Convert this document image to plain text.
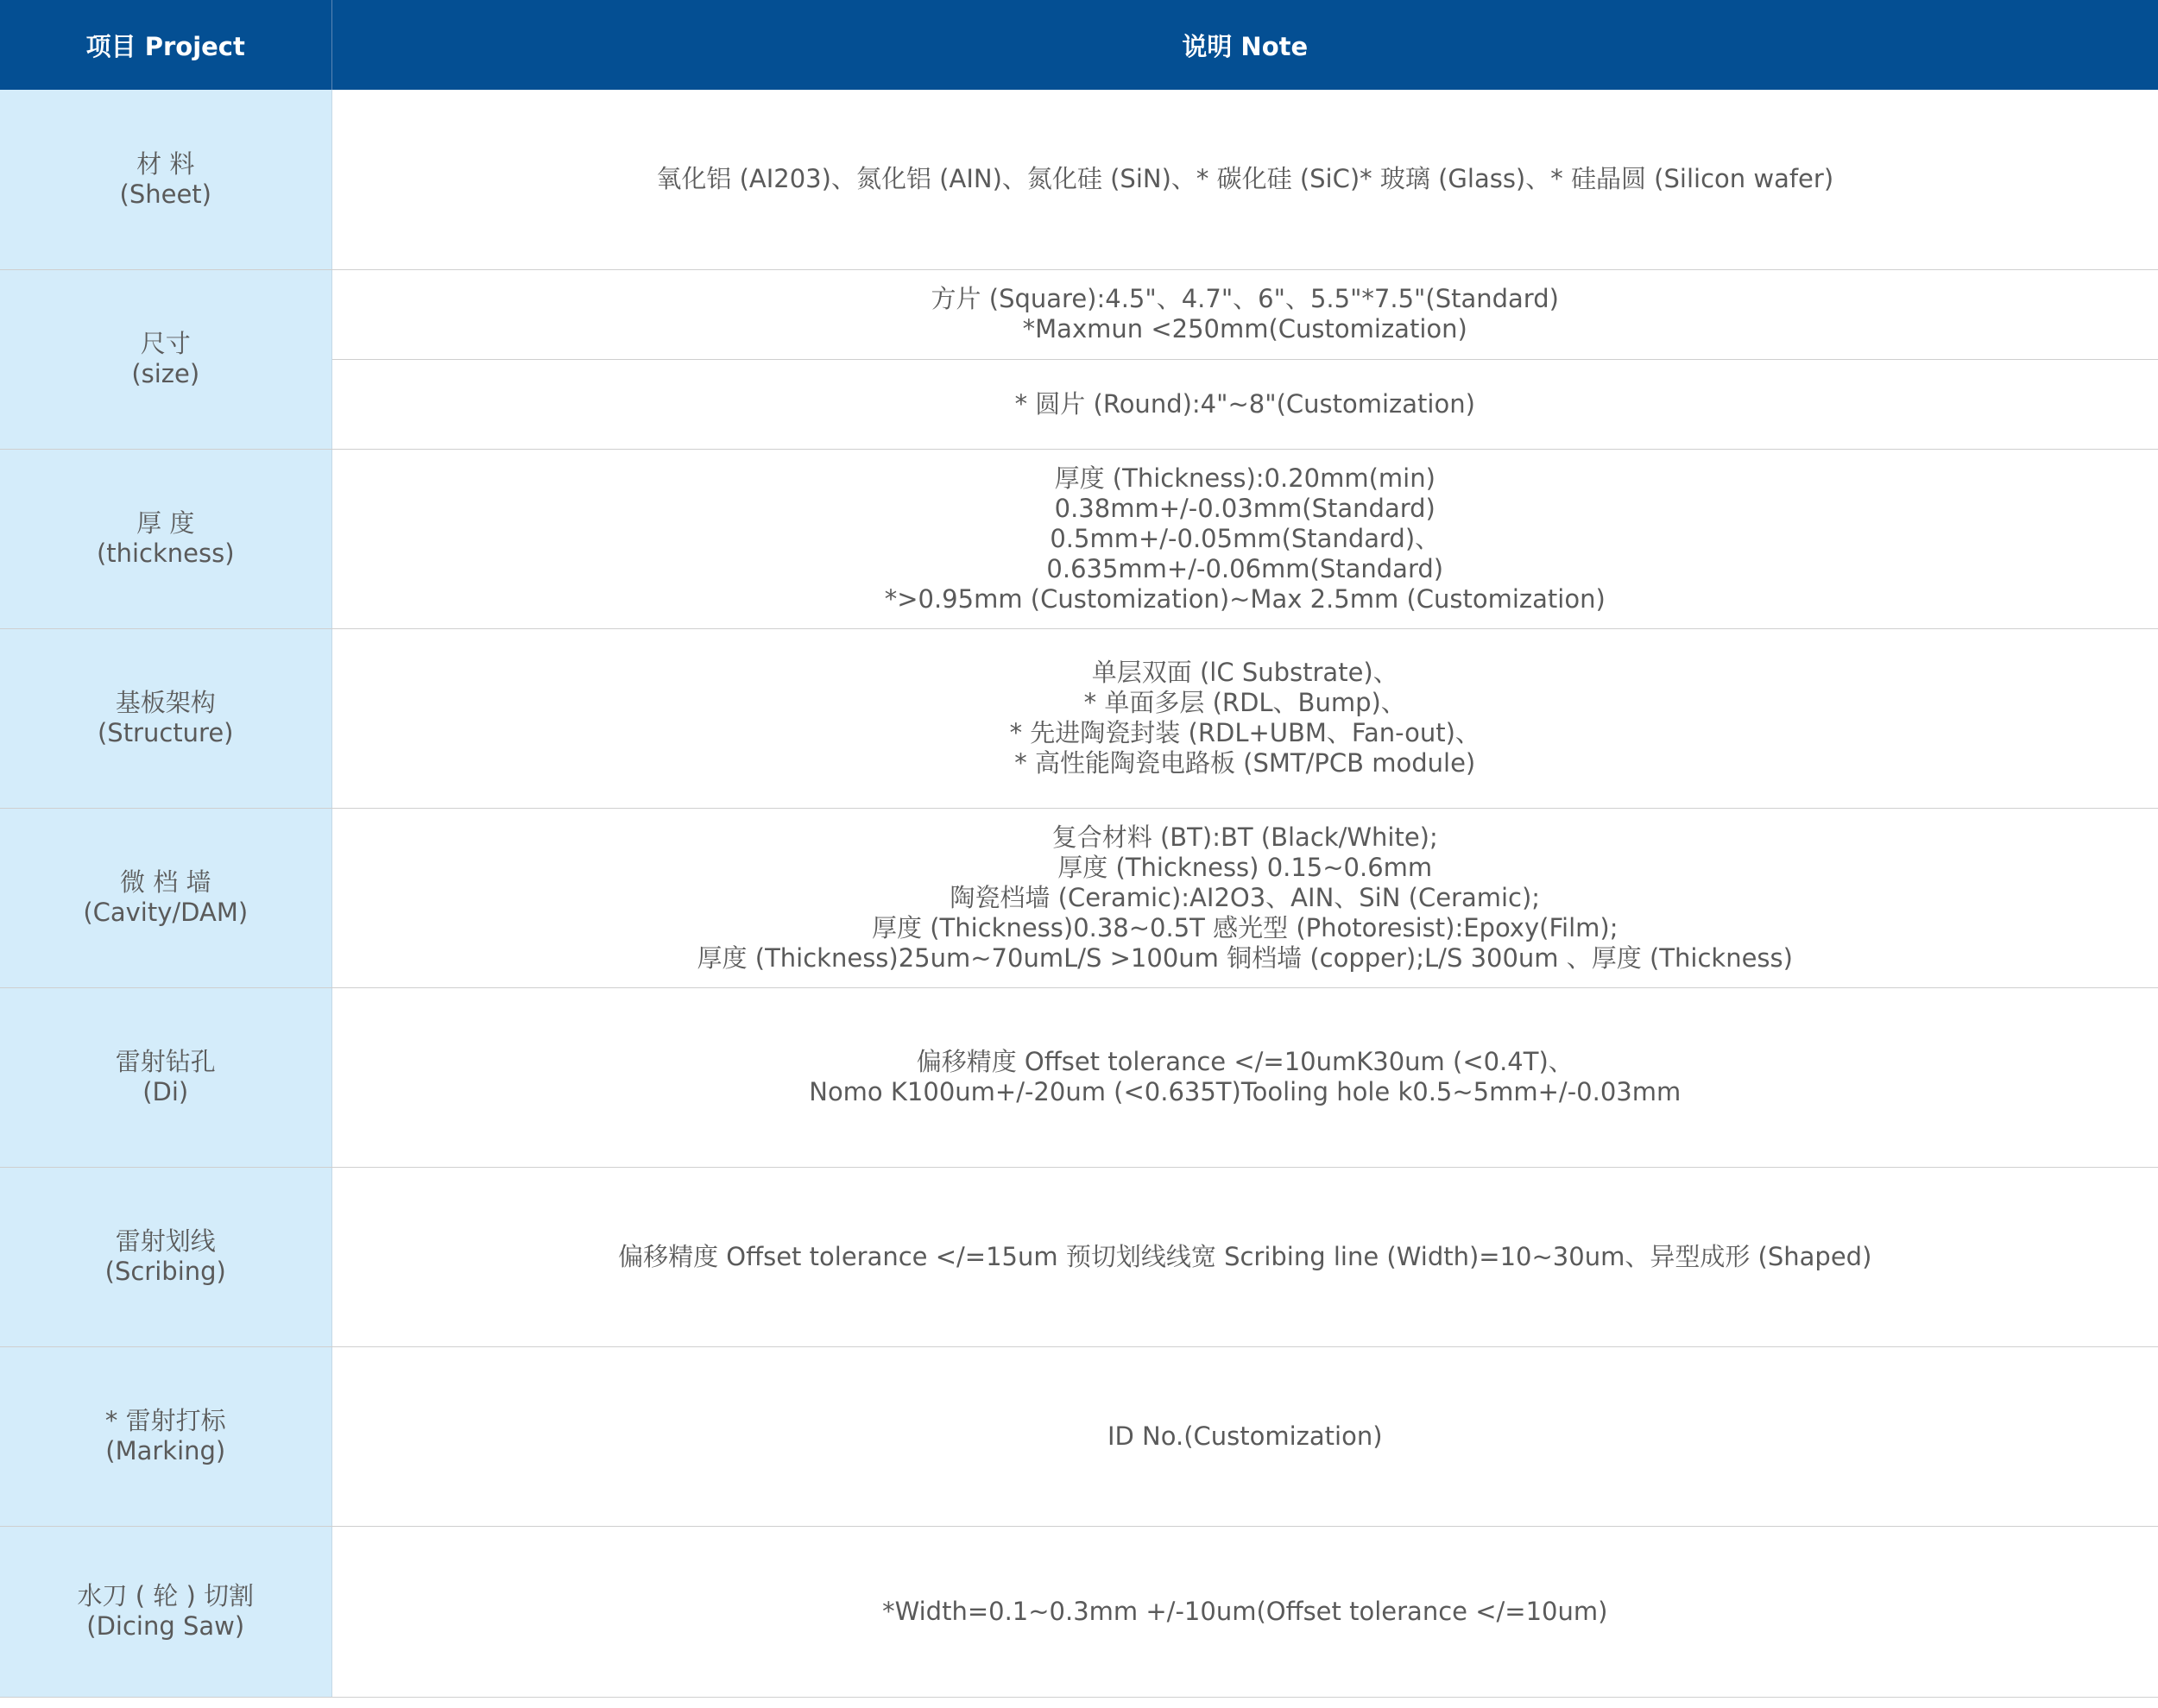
项目 Project	说明 Note

材 料
(Sheet)	氧化铝 (AI203)、氮化铝 (AIN)、氮化硅 (SiN)、* 碳化硅 (SiC)* 玻璃 (Glass)、* 硅晶圆 (Silicon wafer)

尺寸
(size)	方片 (Square):4.5"、4.7"、6"、5.5"*7.5"(Standard)
*Maxmun <250mm(Customization)

	* 圆片 (Round):4"~8"(Customization)

厚 度
(thickness)	厚度 (Thickness):0.20mm(min)
0.38mm+/-0.03mm(Standard)
0.5mm+/-0.05mm(Standard)、
0.635mm+/-0.06mm(Standard)
*>0.95mm (Customization)~Max 2.5mm (Customization)

基板架构
(Structure)	单层双面 (lC Substrate)、
* 单面多层 (RDL、Bump)、
* 先进陶瓷封装 (RDL+UBM、Fan-out)、
* 高性能陶瓷电路板 (SMT/PCB module)

微 档 墙
(Cavity/DAM)	复合材料 (BT):BT (Black/White);
厚度 (Thickness) 0.15~0.6mm
陶瓷档墙 (Ceramic):AI2O3、AIN、SiN (Ceramic);
厚度 (Thickness)0.38~0.5T 感光型 (Photoresist):Epoxy(Film);
厚度 (Thickness)25um~70umL/S >100um 铜档墙 (copper);L/S 300um 、厚度 (Thickness)

雷射钻孔
(Di)	偏移精度 Offset tolerance </=10umK30um (<0.4T)、
Nomo K100um+/-20um (<0.635T)Tooling hole k0.5~5mm+/-0.03mm

雷射划线
(Scribing)	偏移精度 Offset tolerance </=15um 预切划线线宽 Scribing line (Width)=10~30um、异型成形 (Shaped)

* 雷射打标
(Marking)	ID No.(Customization)

水刀 ( 轮 ) 切割
(Dicing Saw)	*Width=0.1~0.3mm +/-10um(Offset tolerance </=10um)
